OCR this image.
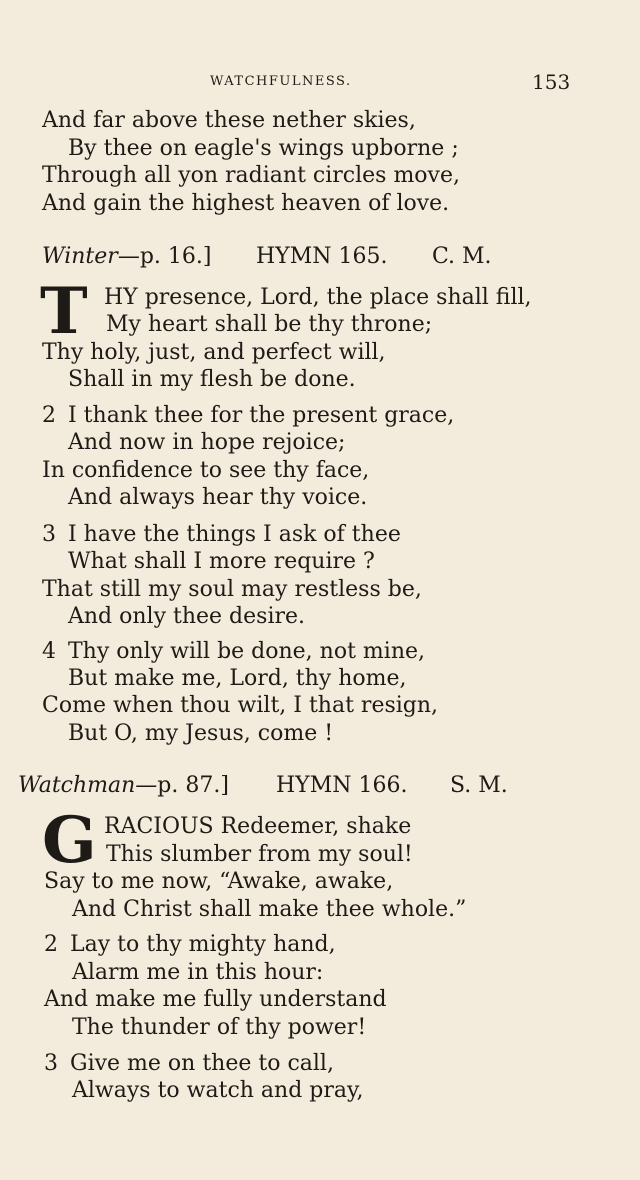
WATCHFULNESS.	153
And far above these nether skies,
By thee on eagle's wings upborne ;
Through all yon radiant circles move,
And gain the highest heaven of love.
Winter—p. 16.] HYMN 165. C. M.
T HY presence, Lord, the place shall fill,
My heart shall be thy throne;
Thy holy, just, and perfect will,
Shall in my flesh be done.
2 I thank thee for the present grace,
And now in hope rejoice;
In confidence to see thy face,
And always hear thy voice.
3 I have the things I ask of thee
What shall I more require ?
That still my soul may restless be,
And only thee desire.
4 Thy only will be done, not mine,
But make me, Lord, thy home,
Come when thou wilt, I that resign,
But O, my Jesus, come !
Watchman—p. 87.] HYMN 166. S. M.
G RACIOUS Redeemer, shake
This slumber from my soul!
Say to me now, “Awake, awake,
And Christ shall make thee whole.”
2 Lay to thy mighty hand,
Alarm me in this hour:
And make me fully understand
The thunder of thy power!
3 Give me on thee to call,
Always to watch and pray,
